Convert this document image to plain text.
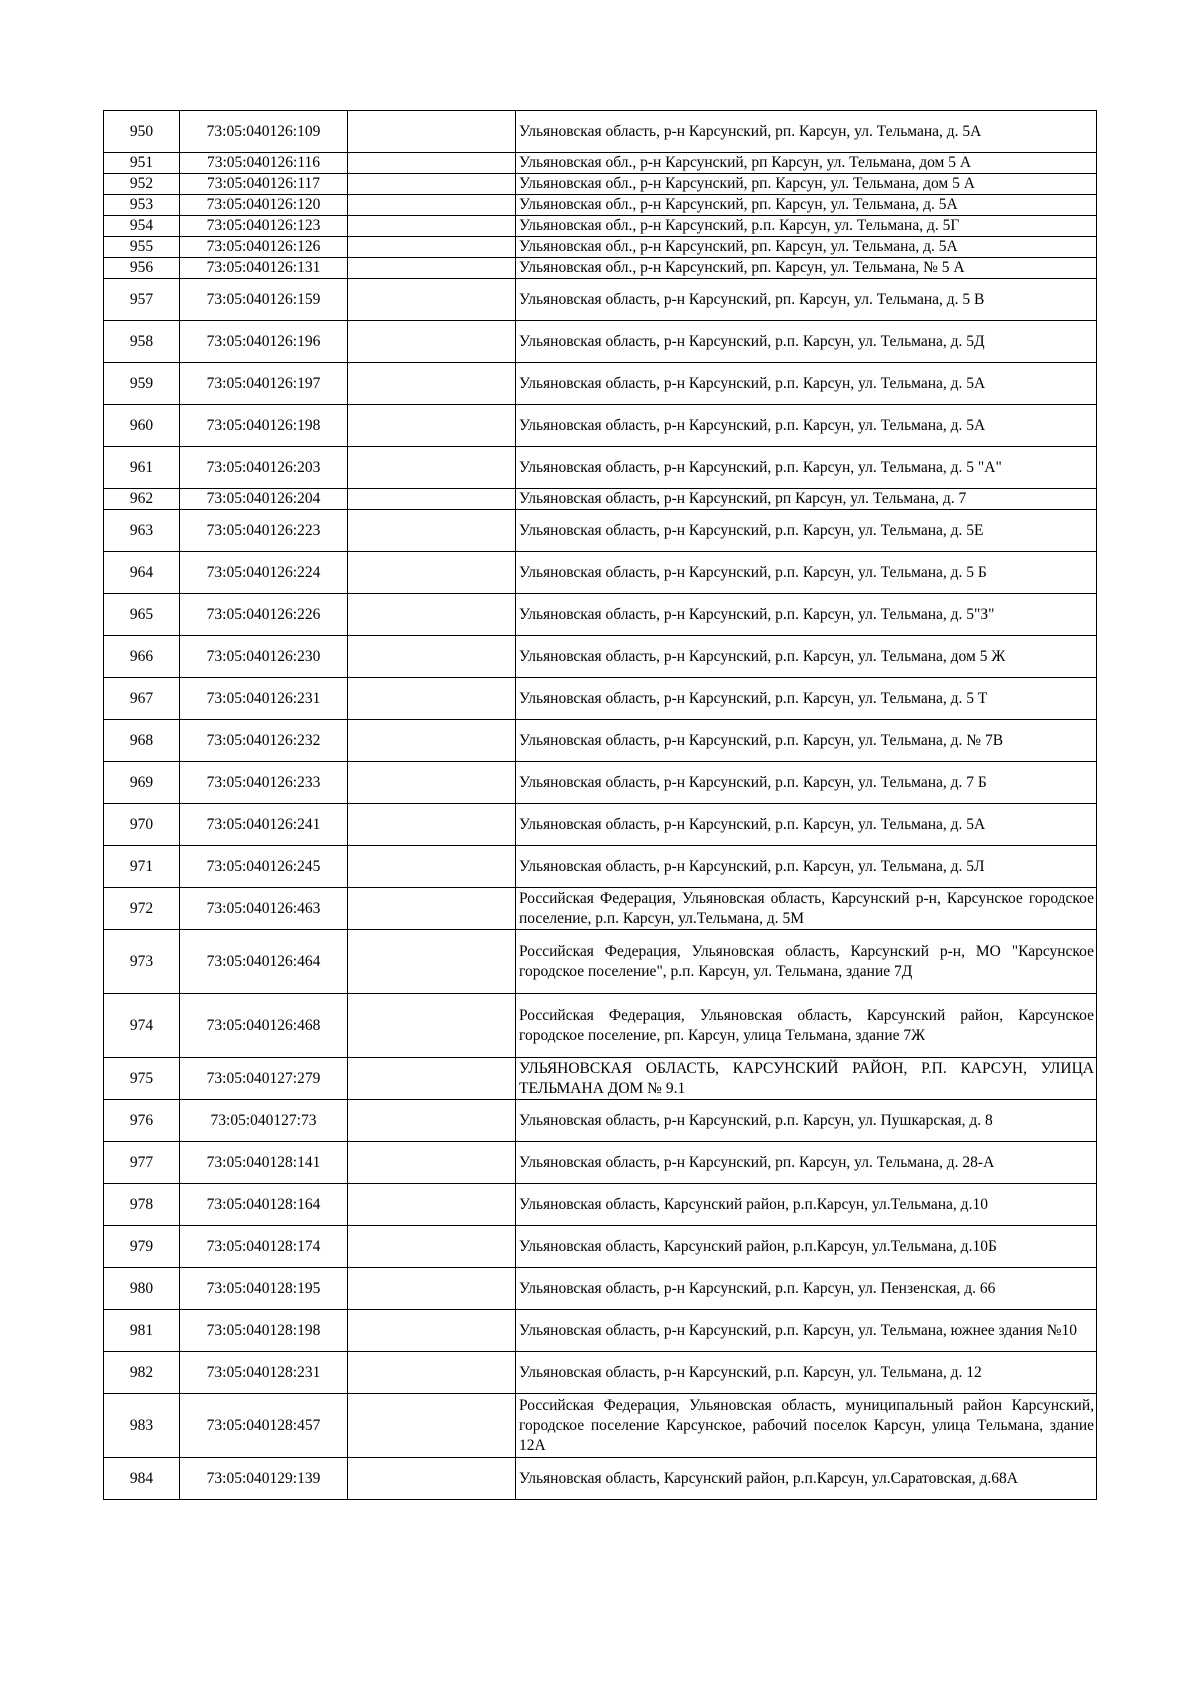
950	73:05:040126:109		Ульяновская область, р-н Карсунский, рп. Карсун, ул. Тельмана, д. 5А
951	73:05:040126:116		Ульяновская обл., р-н Карсунский, рп Карсун, ул. Тельмана, дом 5 А
952	73:05:040126:117		Ульяновская обл., р-н Карсунский, рп. Карсун, ул. Тельмана, дом 5 А
953	73:05:040126:120		Ульяновская обл., р-н Карсунский, рп. Карсун, ул. Тельмана, д. 5А
954	73:05:040126:123		Ульяновская обл., р-н Карсунский, р.п. Карсун, ул. Тельмана, д. 5Г
955	73:05:040126:126		Ульяновская обл., р-н Карсунский, рп. Карсун, ул. Тельмана, д. 5А
956	73:05:040126:131		Ульяновская обл., р-н Карсунский, рп. Карсун, ул. Тельмана, № 5 А
957	73:05:040126:159		Ульяновская область, р-н Карсунский, рп. Карсун, ул. Тельмана, д. 5 В
958	73:05:040126:196		Ульяновская область, р-н Карсунский, р.п. Карсун, ул. Тельмана, д. 5Д
959	73:05:040126:197		Ульяновская область, р-н Карсунский, р.п. Карсун, ул. Тельмана, д. 5А
960	73:05:040126:198		Ульяновская область, р-н Карсунский, р.п. Карсун, ул. Тельмана, д. 5А
961	73:05:040126:203		Ульяновская область, р-н Карсунский, р.п. Карсун, ул. Тельмана, д. 5 "А"
962	73:05:040126:204		Ульяновская область, р-н Карсунский, рп Карсун, ул. Тельмана, д. 7
963	73:05:040126:223		Ульяновская область, р-н Карсунский, р.п. Карсун, ул. Тельмана, д. 5Е
964	73:05:040126:224		Ульяновская область, р-н Карсунский, р.п. Карсун, ул. Тельмана, д. 5 Б
965	73:05:040126:226		Ульяновская область, р-н Карсунский, р.п. Карсун, ул. Тельмана, д. 5"З"
966	73:05:040126:230		Ульяновская область, р-н Карсунский, р.п. Карсун, ул. Тельмана, дом 5 Ж
967	73:05:040126:231		Ульяновская область, р-н Карсунский, р.п. Карсун, ул. Тельмана, д. 5 Т
968	73:05:040126:232		Ульяновская область, р-н Карсунский, р.п. Карсун, ул. Тельмана, д. № 7В
969	73:05:040126:233		Ульяновская область, р-н Карсунский, р.п. Карсун, ул. Тельмана, д. 7 Б
970	73:05:040126:241		Ульяновская область, р-н Карсунский, р.п. Карсун, ул. Тельмана, д. 5А
971	73:05:040126:245		Ульяновская область, р-н Карсунский, р.п. Карсун, ул. Тельмана, д. 5Л
972	73:05:040126:463		Российская Федерация, Ульяновская область, Карсунский р-н, Карсунское городское поселение, р.п. Карсун, ул.Тельмана, д. 5М
973	73:05:040126:464		Российская Федерация, Ульяновская область, Карсунский р-н, МО "Карсунское городское поселение", р.п. Карсун, ул. Тельмана, здание 7Д
974	73:05:040126:468		Российская Федерация, Ульяновская область, Карсунский район, Карсунское городское поселение, рп. Карсун, улица Тельмана, здание 7Ж
975	73:05:040127:279		УЛЬЯНОВСКАЯ ОБЛАСТЬ, КАРСУНСКИЙ РАЙОН, Р.П. КАРСУН, УЛИЦА ТЕЛЬМАНА ДОМ № 9.1
976	73:05:040127:73		Ульяновская область, р-н Карсунский, р.п. Карсун, ул. Пушкарская, д. 8
977	73:05:040128:141		Ульяновская область, р-н Карсунский, рп. Карсун, ул. Тельмана, д. 28-А
978	73:05:040128:164		Ульяновская область, Карсунский район, р.п.Карсун, ул.Тельмана, д.10
979	73:05:040128:174		Ульяновская область, Карсунский район, р.п.Карсун, ул.Тельмана, д.10Б
980	73:05:040128:195		Ульяновская область, р-н Карсунский, р.п. Карсун, ул. Пензенская, д. 66
981	73:05:040128:198		Ульяновская область, р-н Карсунский, р.п. Карсун, ул. Тельмана, южнее здания №10
982	73:05:040128:231		Ульяновская область, р-н Карсунский, р.п. Карсун, ул. Тельмана, д. 12
983	73:05:040128:457		Российская Федерация, Ульяновская область, муниципальный район Карсунский, городское поселение Карсунское, рабочий поселок Карсун, улица Тельмана, здание 12А
984	73:05:040129:139		Ульяновская область, Карсунский район, р.п.Карсун, ул.Саратовская, д.68А
